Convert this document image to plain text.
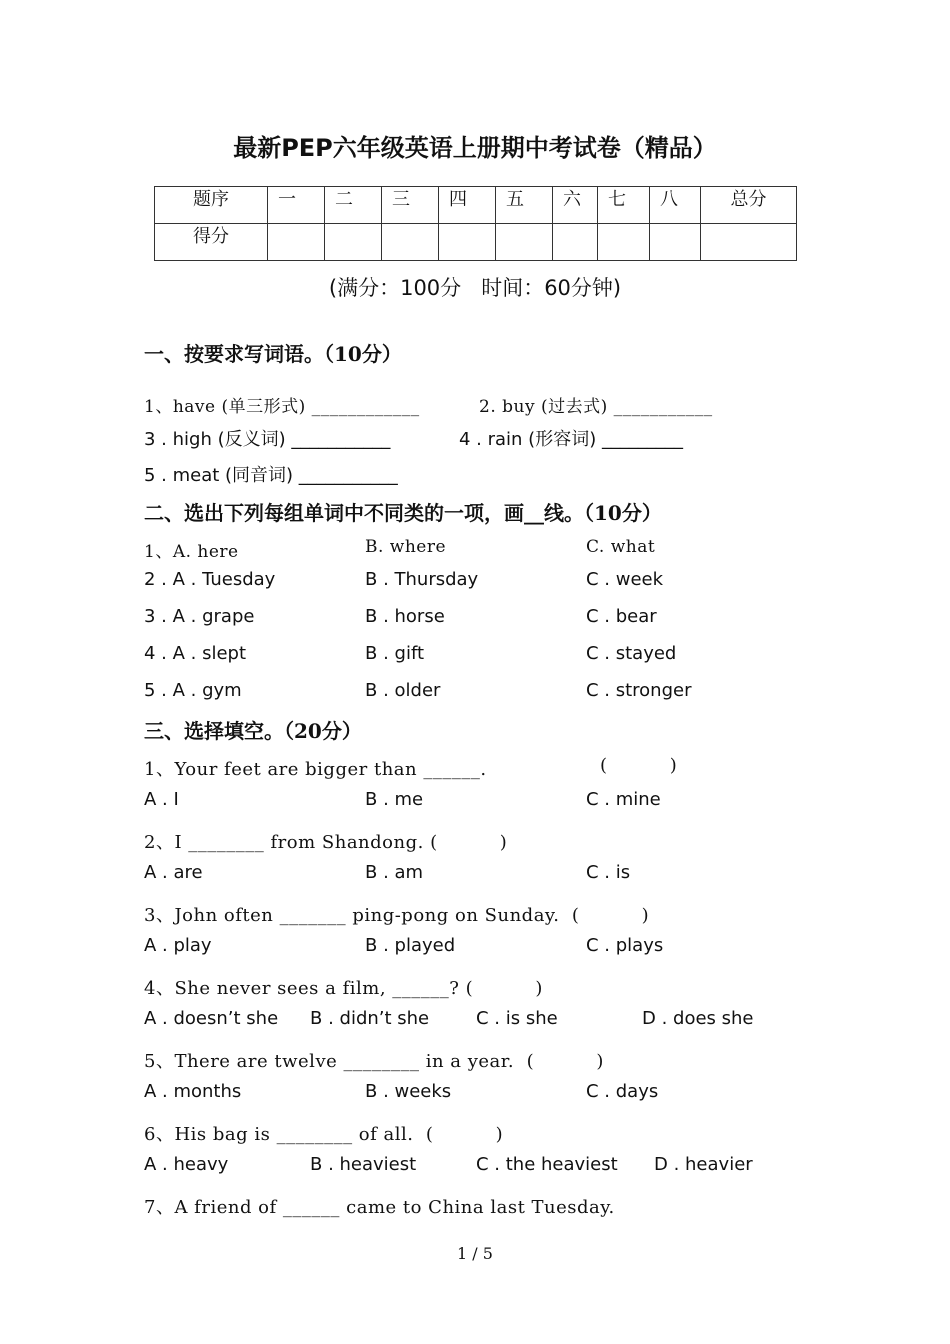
最新PEP六年级英语上册期中考试卷（精品）
题序	一	二	三	四	五	六	七	八	总分
得分									
(满分：100分   时间：60分钟)
一、按要求写词语。（10分）
1、have (单三形式) ____________	2. buy (过去式) ___________
3 . high (反义词) ___________	4 . rain (形容词) _________
5 . meat (同音词) ___________
二、选出下列每组单词中不同类的一项，画__线。（10分）
1、A. here	B. where	C. what
2 . A . Tuesday	B . Thursday	C . week
3 . A . grape	B . horse	C . bear
4 . A . slept	B . gift	C . stayed
5 . A . gym	B . older	C . stronger
三、选择填空。（20分）
1、Your feet are bigger than ______.	(          )
A . I	B . me	C . mine
2、I ________ from Shandong. (          )
A . are	B . am	C . is
3、John often _______ ping-pong on Sunday.  (          )
A . play	B . played	C . plays
4、She never sees a film, ______? (          )
A . doesn’t she B . didn’t she	C . is she	D . does she
5、There are twelve ________ in a year.  (          )
A . months	B . weeks	C . days
6、His bag is ________ of all.  (          )
A . heavy	B . heaviest	C . the heaviest D . heavier
7、A friend of ______ came to China last Tuesday.
1 / 5
